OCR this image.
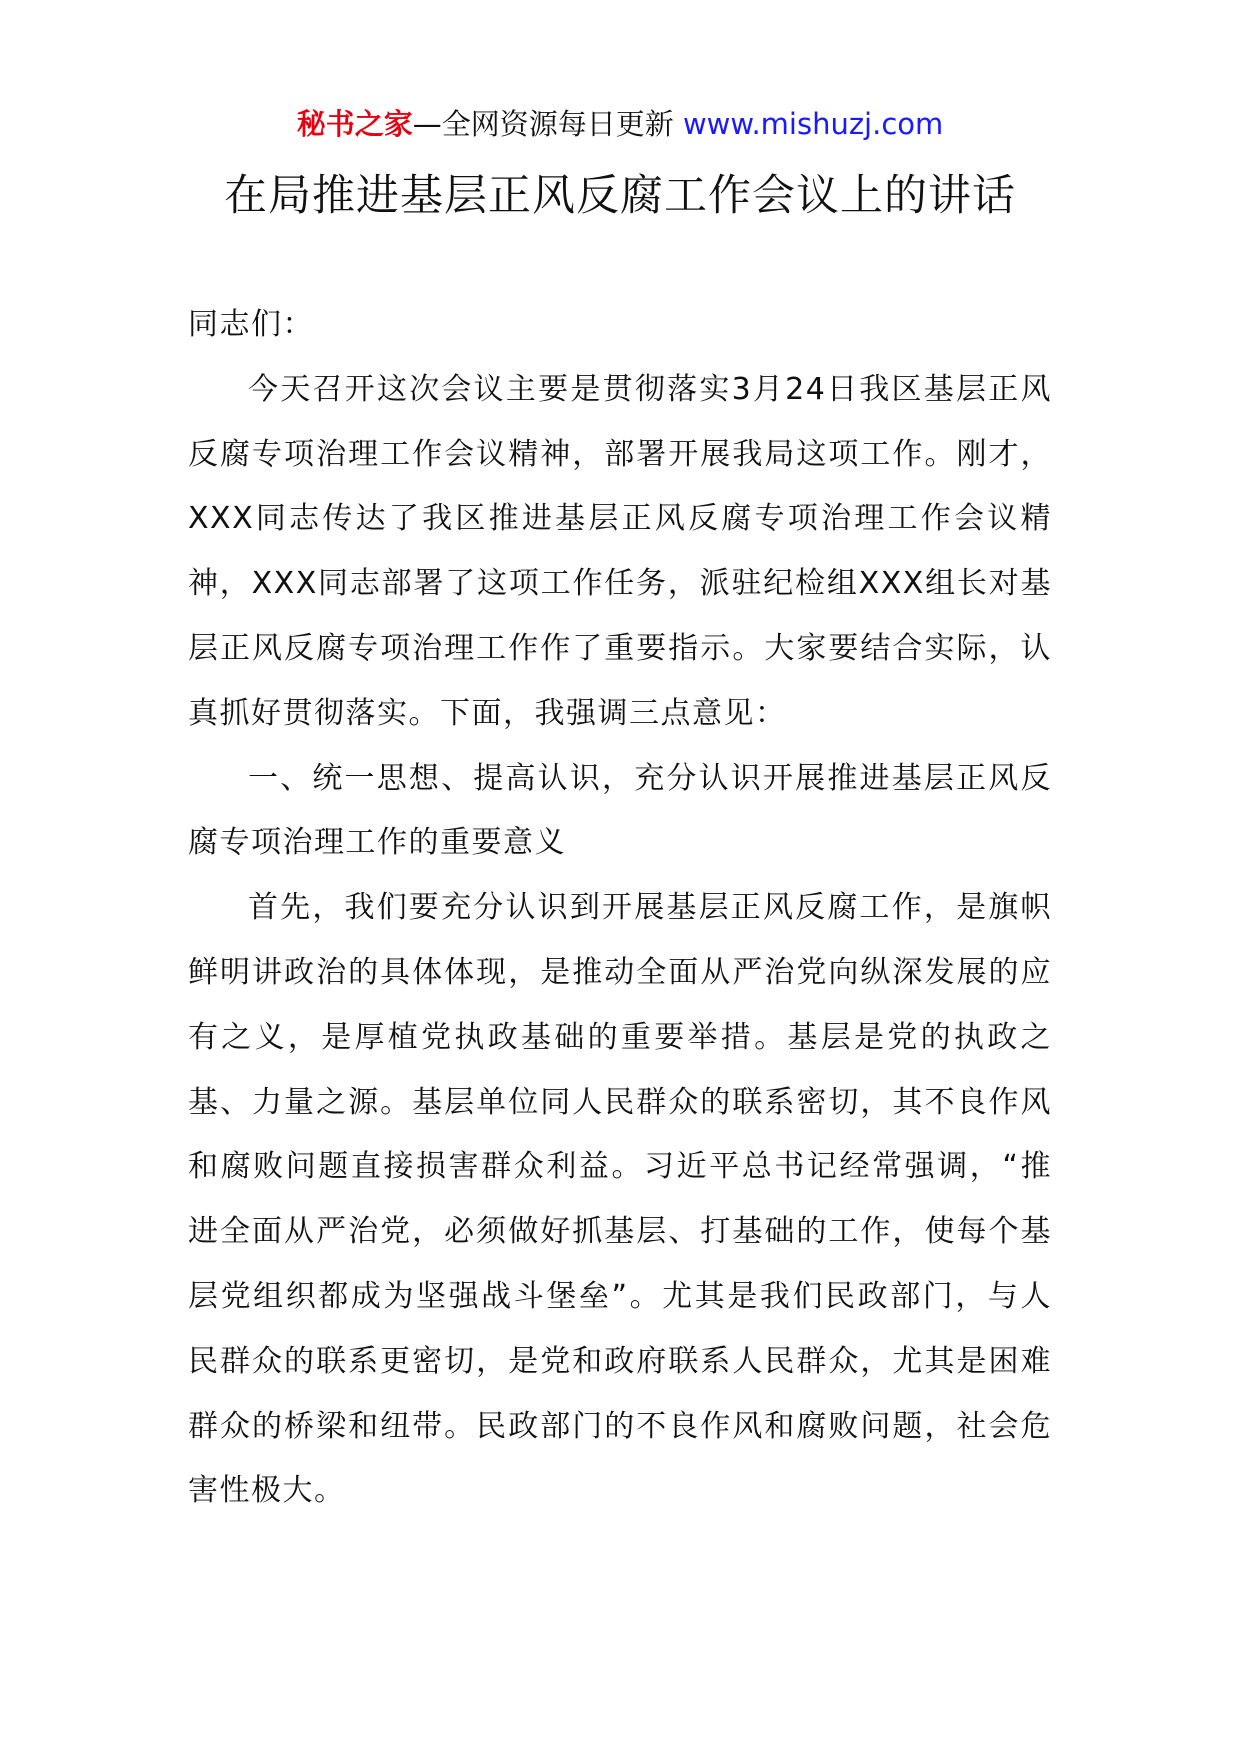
秘书之家—全网资源每日更新 www.mishuzj.com
在局推进基层正风反腐工作会议上的讲话

同志们：

今天召开这次会议主要是贯彻落实3月24日我区基层正风反腐专项治理工作会议精神，部署开展我局这项工作。刚才，XXX同志传达了我区推进基层正风反腐专项治理工作会议精神，XXX同志部署了这项工作任务，派驻纪检组XXX组长对基层正风反腐专项治理工作作了重要指示。大家要结合实际，认真抓好贯彻落实。下面，我强调三点意见：

一、统一思想、提高认识，充分认识开展推进基层正风反腐专项治理工作的重要意义

首先，我们要充分认识到开展基层正风反腐工作，是旗帜鲜明讲政治的具体体现，是推动全面从严治党向纵深发展的应有之义，是厚植党执政基础的重要举措。基层是党的执政之基、力量之源。基层单位同人民群众的联系密切，其不良作风和腐败问题直接损害群众利益。习近平总书记经常强调，“推进全面从严治党，必须做好抓基层、打基础的工作，使每个基层党组织都成为坚强战斗堡垒”。尤其是我们民政部门，与人民群众的联系更密切，是党和政府联系人民群众，尤其是困难群众的桥梁和纽带。民政部门的不良作风和腐败问题，社会危害性极大。
